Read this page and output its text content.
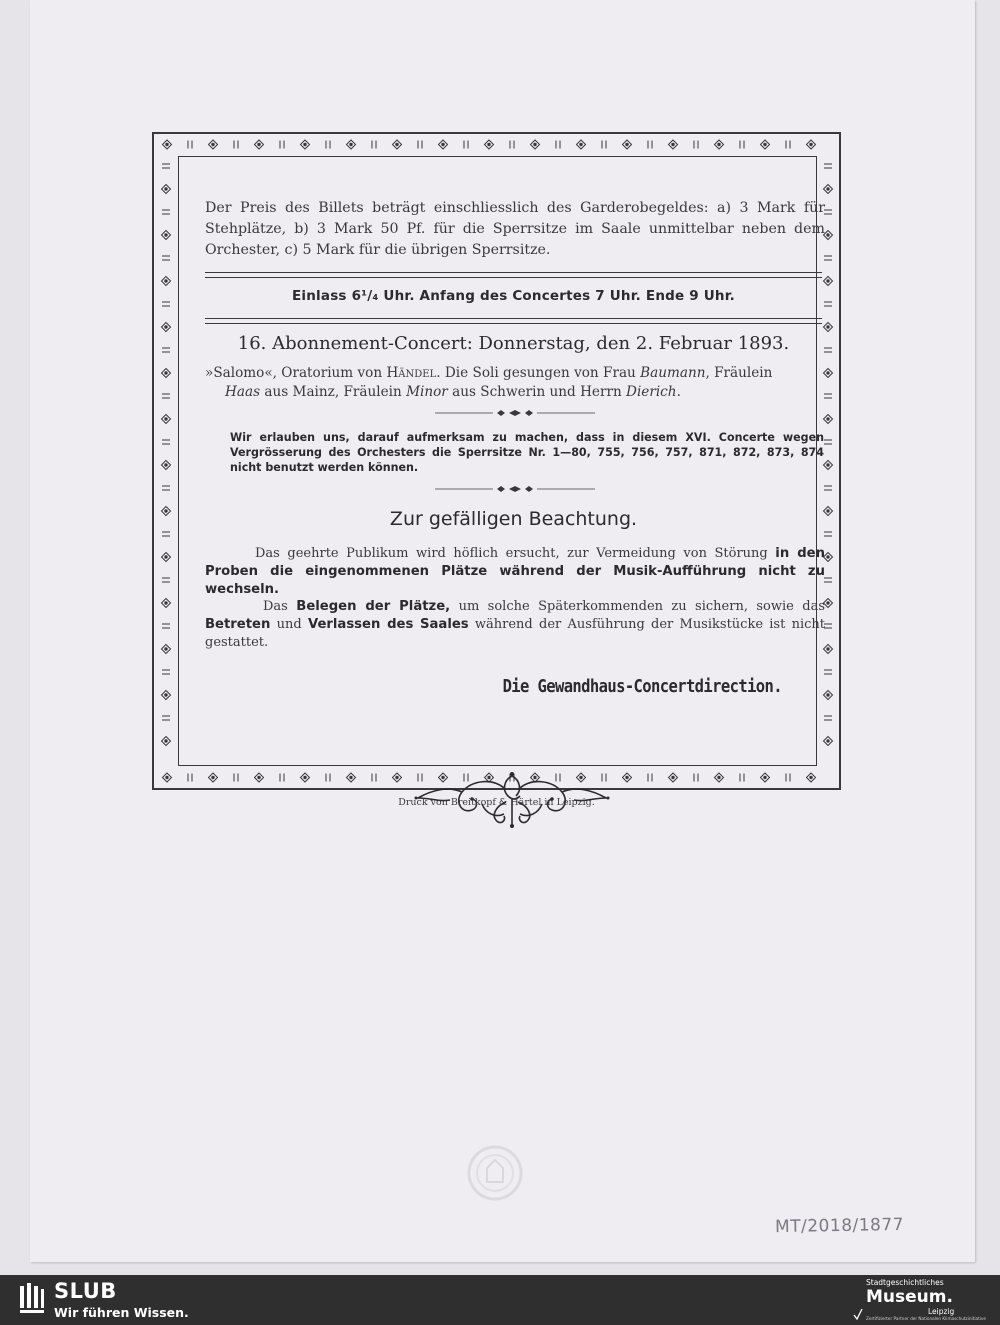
Der Preis des Billets beträgt einschliesslich des Garderobegeldes: a) 3 Mark für Stehplätze, b) 3 Mark 50 Pf. für die Sperrsitze im Saale unmittelbar neben dem Orchester, c) 5 Mark für die übrigen Sperrsitze.
Einlass 6¹/₄ Uhr. Anfang des Concertes 7 Uhr. Ende 9 Uhr.
16. Abonnement-Concert: Donnerstag, den 2. Februar 1893.
»Salomo«, Oratorium von Händel. Die Soli gesungen von Frau Baumann, Fräulein
Haas aus Mainz, Fräulein Minor aus Schwerin und Herrn Dierich.
Wir erlauben uns, darauf aufmerksam zu machen, dass in diesem XVI. Concerte wegen Vergrösserung des Orchesters die Sperrsitze Nr. 1—80, 755, 756, 757, 871, 872, 873, 874 nicht benutzt werden können.
Zur gefälligen Beachtung.
Das geehrte Publikum wird höflich ersucht, zur Vermeidung von Störung in den Proben die eingenommenen Plätze während der Musik-Aufführung nicht zu wechseln.
Das Belegen der Plätze, um solche Späterkommenden zu sichern, sowie das Betreten und Verlassen des Saales während der Ausführung der Musikstücke ist nicht gestattet.
Die Gewandhaus-Concertdirection.
Druck von Breitkopf & Härtel in Leipzig.
MT/2018/1877
SLUB
Wir führen Wissen.
Stadtgeschichtliches
Museum.
Leipzig
Zertifizierter Partner der Nationalen Klimaschutzinitiative
